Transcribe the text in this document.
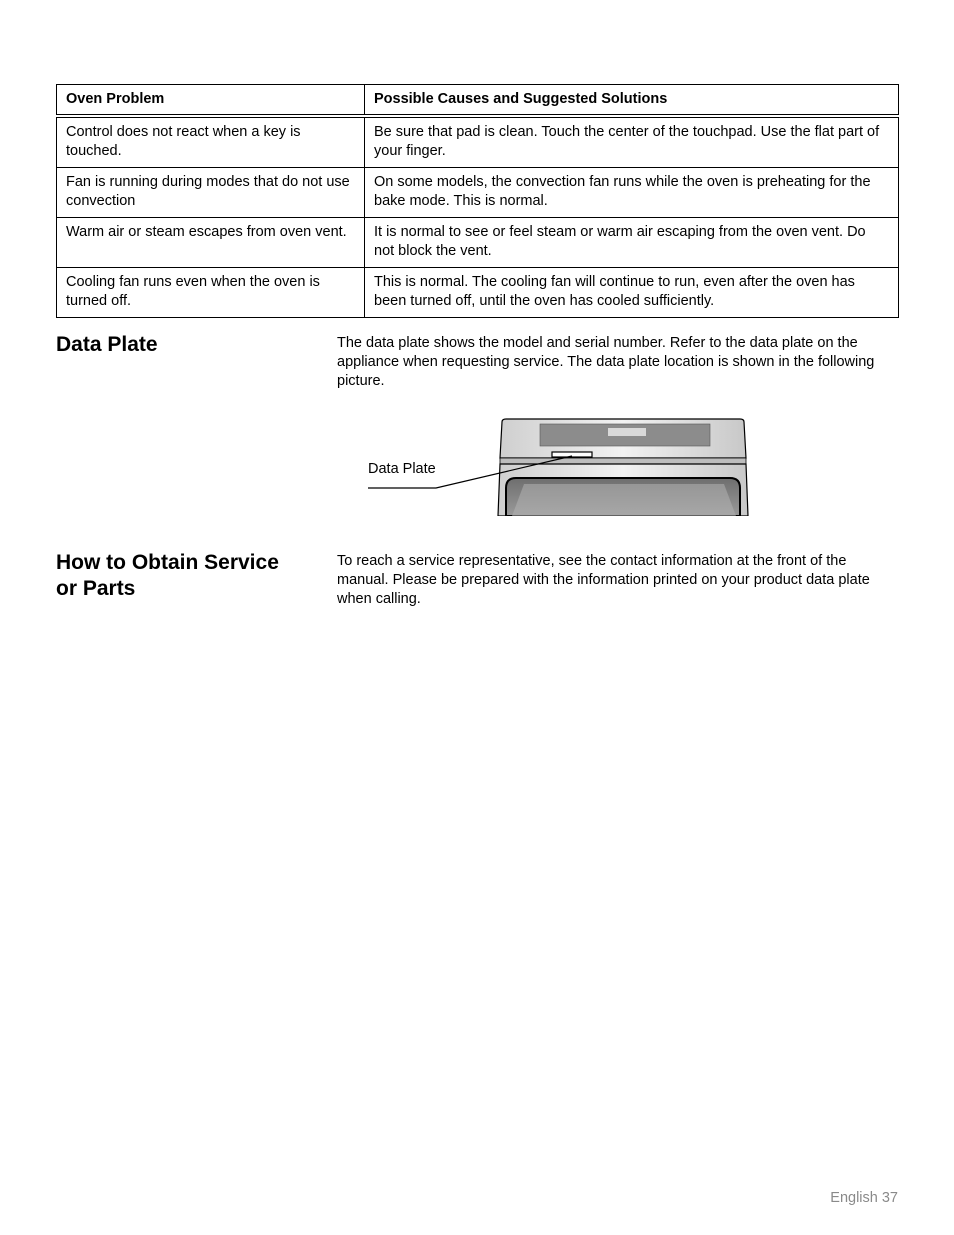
Oven Problem	Possible Causes and Suggested Solutions
Control does not react when a key is touched.	Be sure that pad is clean. Touch the center of the touchpad. Use the flat part of your finger.
Fan is running during modes that do not use convection	On some models, the convection fan runs while the oven is preheating for the bake mode. This is normal.
Warm air or steam escapes from oven vent.	It is normal to see or feel steam or warm air escaping from the oven vent. Do not block the vent.
Cooling fan runs even when the oven is turned off.	This is normal. The cooling fan will continue to run, even after the oven has been turned off, until the oven has cooled sufficiently.
Data Plate	The data plate shows the model and serial number. Refer to the data plate on the appliance when requesting service. The data plate location is shown in the following picture.

Data Plate
How to Obtain Service
or Parts

To reach a service representative, see the contact information at the front of the manual. Please be prepared with the information printed on your product data plate when calling.

English 37
